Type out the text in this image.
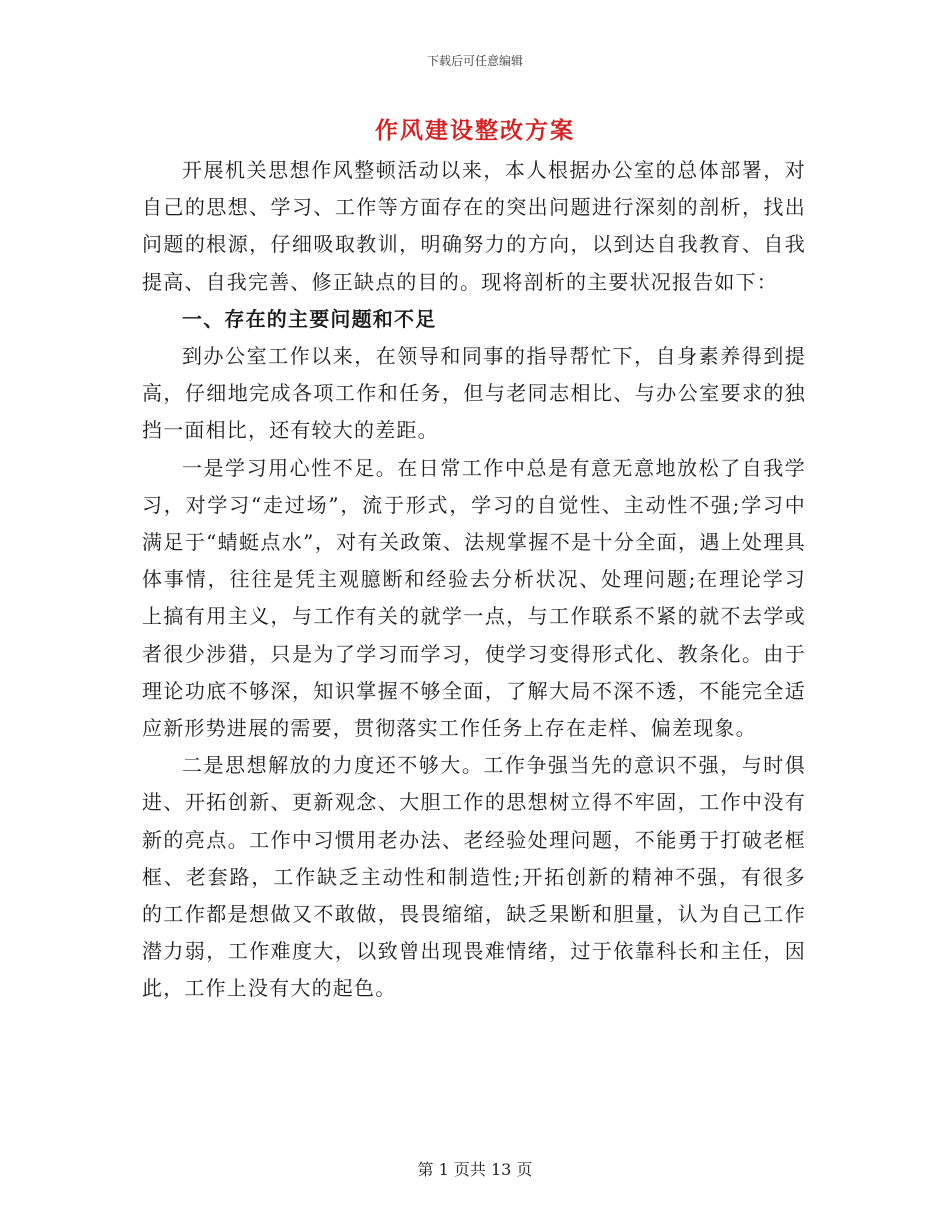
下载后可任意编辑
作风建设整改方案

开展机关思想作风整顿活动以来，本人根据办公室的总体部署，对自己的思想、学习、工作等方面存在的突出问题进行深刻的剖析，找出问题的根源，仔细吸取教训，明确努力的方向，以到达自我教育、自我提高、自我完善、修正缺点的目的。现将剖析的主要状况报告如下：

一、存在的主要问题和不足

到办公室工作以来，在领导和同事的指导帮忙下，自身素养得到提高，仔细地完成各项工作和任务，但与老同志相比、与办公室要求的独挡一面相比，还有较大的差距。

一是学习用心性不足。在日常工作中总是有意无意地放松了自我学习，对学习“走过场”，流于形式，学习的自觉性、主动性不强;学习中满足于“蜻蜓点水”，对有关政策、法规掌握不是十分全面，遇上处理具体事情，往往是凭主观臆断和经验去分析状况、处理问题;在理论学习上搞有用主义，与工作有关的就学一点，与工作联系不紧的就不去学或者很少涉猎，只是为了学习而学习，使学习变得形式化、教条化。由于理论功底不够深，知识掌握不够全面，了解大局不深不透，不能完全适应新形势进展的需要，贯彻落实工作任务上存在走样、偏差现象。

二是思想解放的力度还不够大。工作争强当先的意识不强，与时俱进、开拓创新、更新观念、大胆工作的思想树立得不牢固，工作中没有新的亮点。工作中习惯用老办法、老经验处理问题，不能勇于打破老框框、老套路，工作缺乏主动性和制造性;开拓创新的精神不强，有很多的工作都是想做又不敢做，畏畏缩缩，缺乏果断和胆量，认为自己工作潜力弱，工作难度大，以致曾出现畏难情绪，过于依靠科长和主任，因此，工作上没有大的起色。

第 1 页共 13 页
